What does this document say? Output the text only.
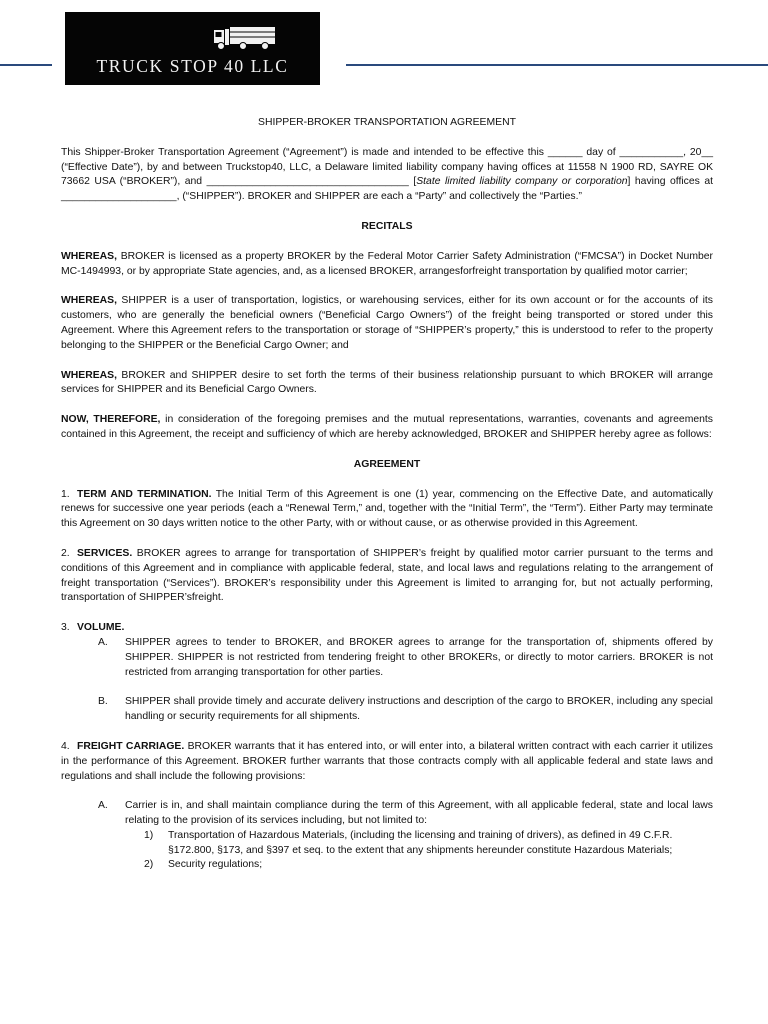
TRUCK STOP 40 LLC

SHIPPER-BROKER TRANSPORTATION AGREEMENT

This Shipper-Broker Transportation Agreement (“Agreement”) is made and intended to be effective this ______ day of ___________, 20__ (“Effective Date”), by and between Truckstop40, LLC, a Delaware limited liability company having offices at 11558 N 1900 RD, SAYRE OK 73662 USA (“BROKER”), and ___________________________________ [State limited liability company or corporation] having offices at ____________________, (“SHIPPER”). BROKER and SHIPPER are each a “Party” and collectively the “Parties.”

RECITALS

WHEREAS, BROKER is licensed as a property BROKER by the Federal Motor Carrier Safety Administration (“FMCSA”) in Docket Number MC-1494993, or by appropriate State agencies, and, as a licensed BROKER, arrangesforfreight transportation by qualified motor carrier;

WHEREAS, SHIPPER is a user of transportation, logistics, or warehousing services, either for its own account or for the accounts of its customers, who are generally the beneficial owners (“Beneficial Cargo Owners”) of the freight being transported or stored under this Agreement. Where this Agreement refers to the transportation or storage of “SHIPPER’s property,” this is understood to refer to the property belonging to the SHIPPER or the Beneficial Cargo Owner; and

WHEREAS, BROKER and SHIPPER desire to set forth the terms of their business relationship pursuant to which BROKER will arrange services for SHIPPER and its Beneficial Cargo Owners.

NOW, THEREFORE, in consideration of the foregoing premises and the mutual representations, warranties, covenants and agreements contained in this Agreement, the receipt and sufficiency of which are hereby acknowledged, BROKER and SHIPPER hereby agree as follows:

AGREEMENT

1. TERM AND TERMINATION. The Initial Term of this Agreement is one (1) year, commencing on the Effective Date, and automatically renews for successive one year periods (each a “Renewal Term,” and, together with the “Initial Term”, the “Term”). Either Party may terminate this Agreement on 30 days written notice to the other Party, with or without cause, or as otherwise provided in this Agreement.

2. SERVICES. BROKER agrees to arrange for transportation of SHIPPER’s freight by qualified motor carrier pursuant to the terms and conditions of this Agreement and in compliance with applicable federal, state, and local laws and regulations relating to the arrangement of freight transportation (“Services”). BROKER’s responsibility under this Agreement is limited to arranging for, but not actually performing, transportation of SHIPPER’sfreight.

3. VOLUME.

A.	SHIPPER agrees to tender to BROKER, and BROKER agrees to arrange for the transportation of, shipments offered by SHIPPER. SHIPPER is not restricted from tendering freight to other BROKERs, or directly to motor carriers. BROKER is not restricted from arranging transportation for other parties.
B.	SHIPPER shall provide timely and accurate delivery instructions and description of the cargo to BROKER, including any special handling or security requirements for all shipments.

4. FREIGHT CARRIAGE. BROKER warrants that it has entered into, or will enter into, a bilateral written contract with each carrier it utilizes in the performance of this Agreement. BROKER further warrants that those contracts comply with all applicable federal and state laws and regulations and shall include the following provisions:

A.	Carrier is in, and shall maintain compliance during the term of this Agreement, with all applicable federal, state and local laws relating to the provision of its services including, but not limited to:
1)	Transportation of Hazardous Materials, (including the licensing and training of drivers), as defined in 49 C.F.R. §172.800, §173, and §397 et seq. to the extent that any shipments hereunder constitute Hazardous Materials;
2)	Security regulations;
